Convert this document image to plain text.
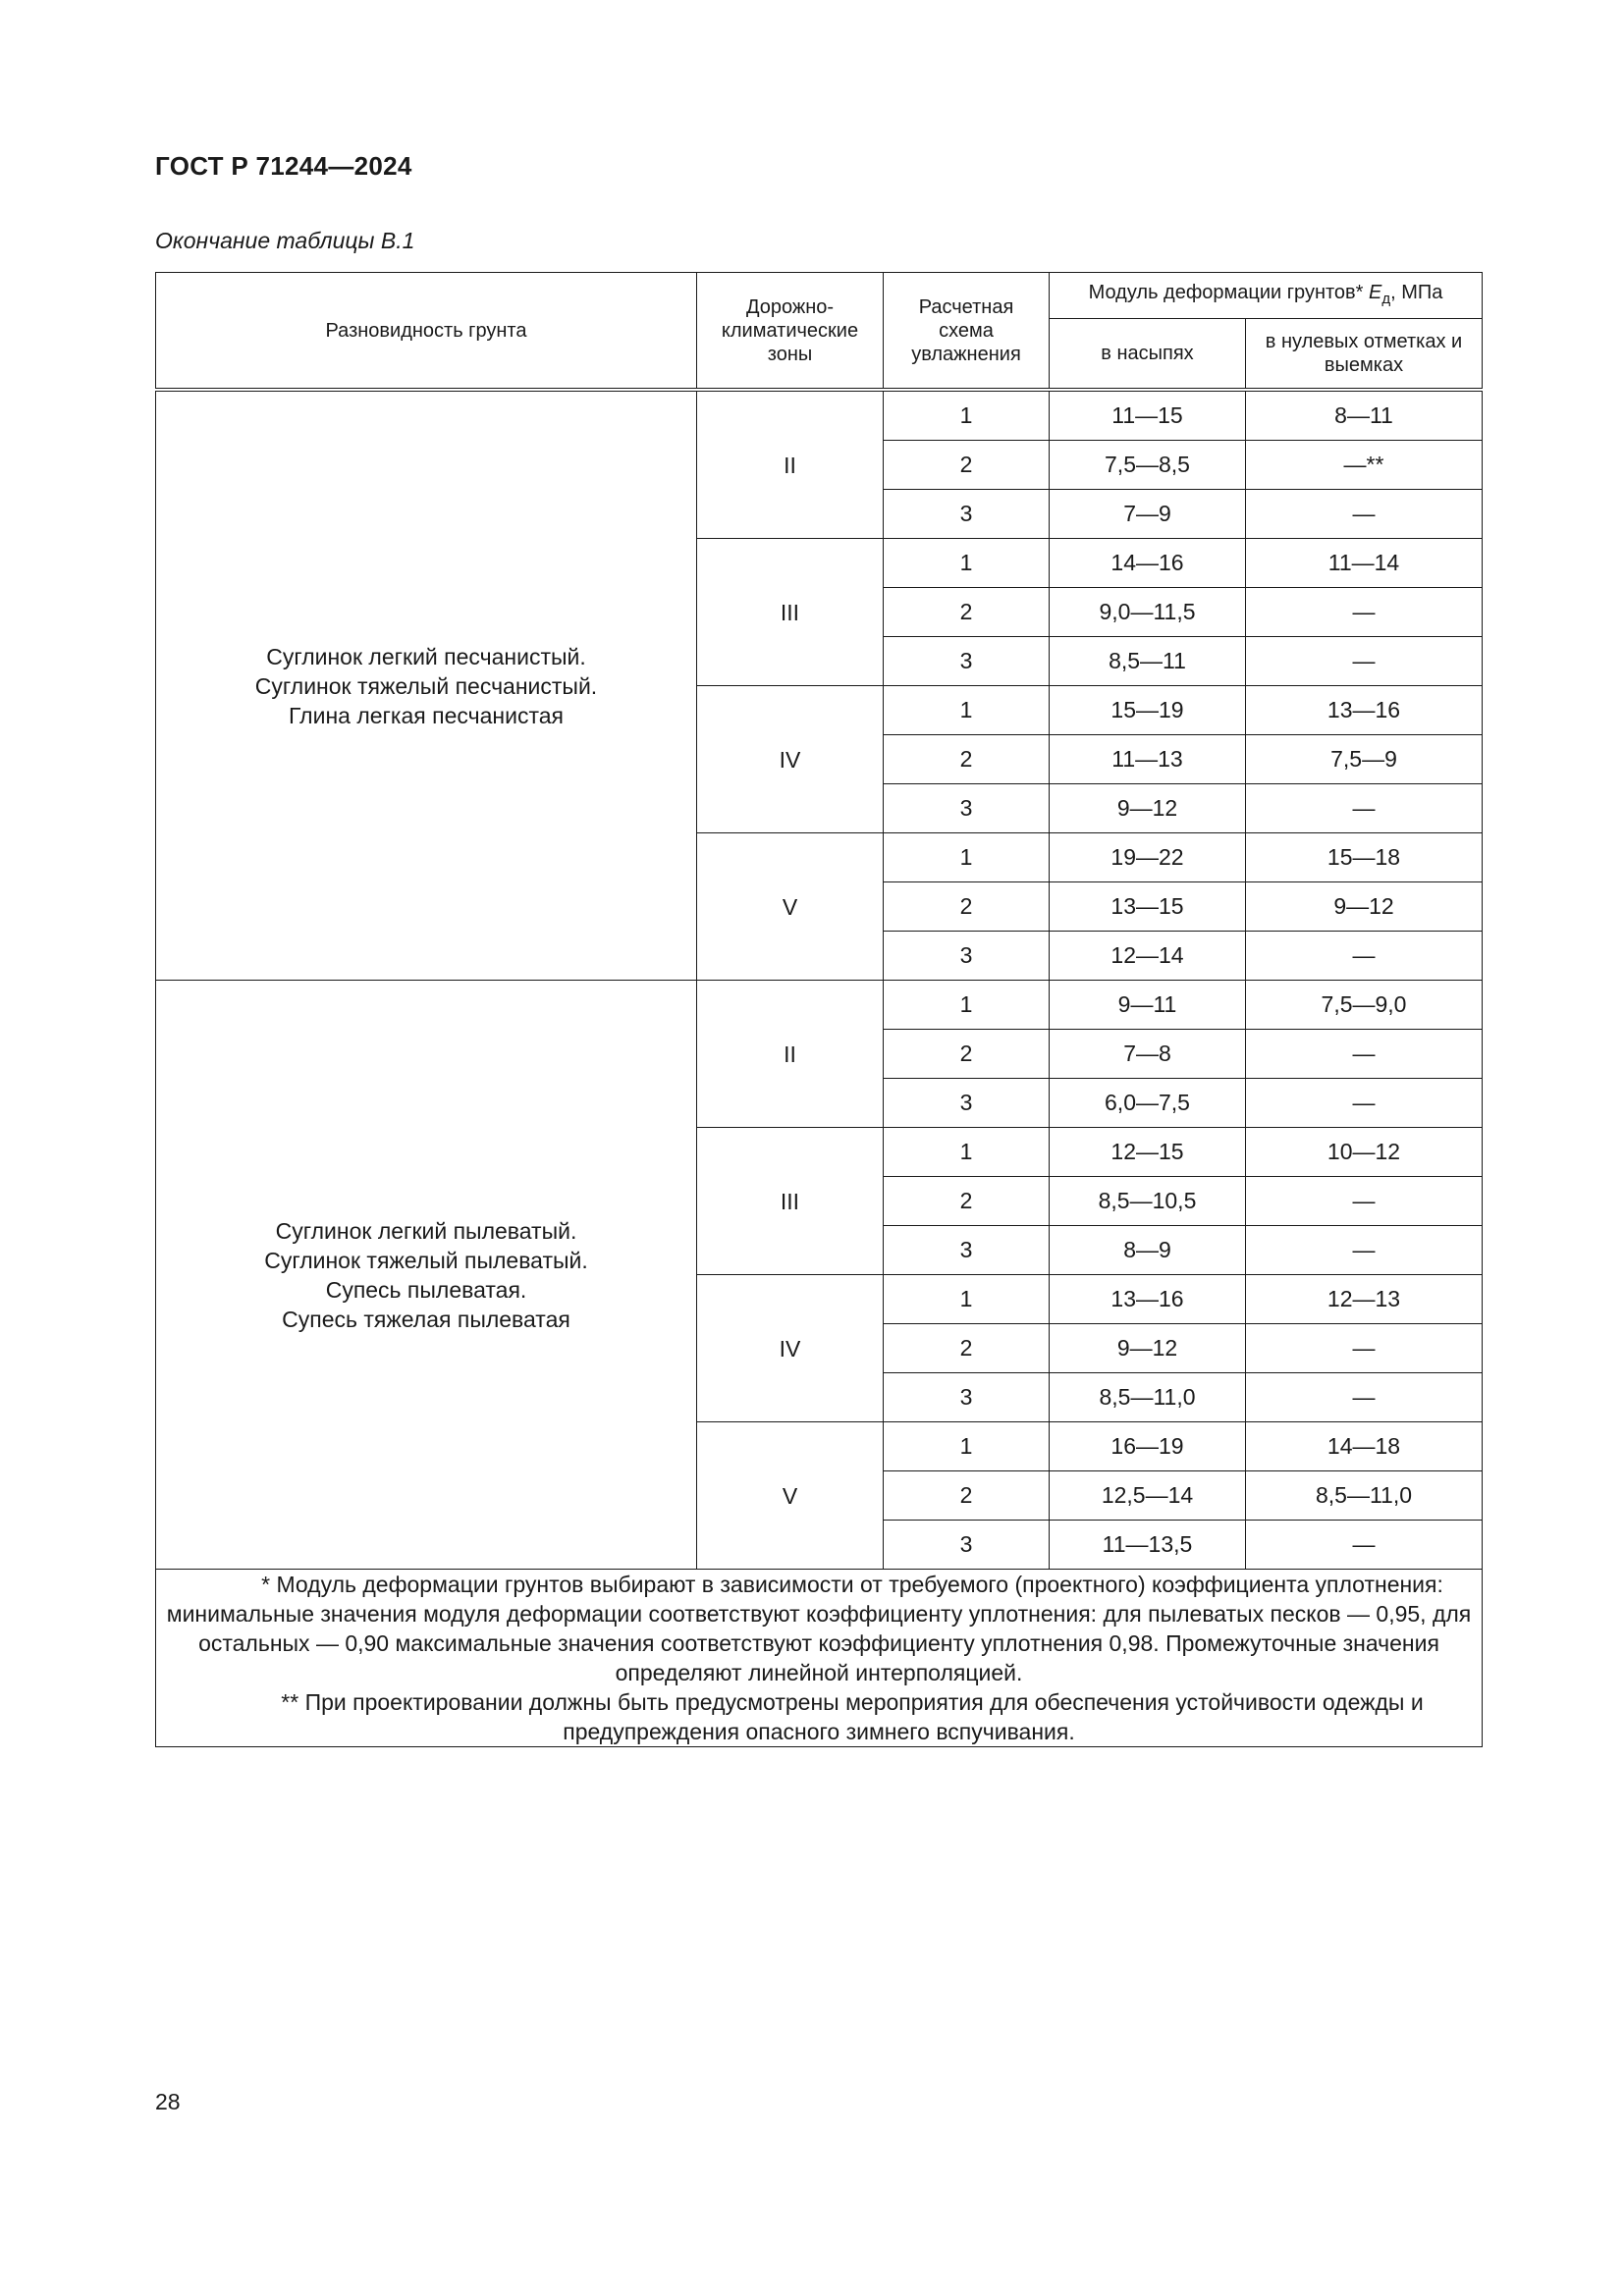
ГОСТ Р 71244—2024
Окончание таблицы В.1
Разновидность грунта	Дорожно-климатические зоны	Расчетная схема увлажнения	Модуль деформации грунтов* $E_д$, МПа	
			в насыпях	в нулевых отметках и выемках

Суглинок легкий песчанистый.
Суглинок тяжелый песчанистый.
Глина легкая песчанистая	II	1	11—15	8—11
		2	7,5—8,5	—**
		3	7—9	—
	III	1	14—16	11—14
		2	9,0—11,5	—
		3	8,5—11	—
	IV	1	15—19	13—16
		2	11—13	7,5—9
		3	9—12	—
	V	1	19—22	15—18
		2	13—15	9—12
		3	12—14	—

Суглинок легкий пылеватый.
Суглинок тяжелый пылеватый.
Супесь пылеватая.
Супесь тяжелая пылеватая	II	1	9—11	7,5—9,0
		2	7—8	—
		3	6,0—7,5	—
	III	1	12—15	10—12
		2	8,5—10,5	—
		3	8—9	—
	IV	1	13—16	12—13
		2	9—12	—
		3	8,5—11,0	—
	V	1	16—19	14—18
		2	12,5—14	8,5—11,0
		3	11—13,5	—

* Модуль деформации грунтов выбирают в зависимости от требуемого (проектного) коэффициента уплотнения: минимальные значения модуля деформации соответствуют коэффициенту уплотнения: для пылеватых песков — 0,95, для остальных — 0,90 максимальные значения соответствуют коэффициенту уплотнения 0,98. Промежуточные значения определяют линейной интерполяцией.
** При проектировании должны быть предусмотрены мероприятия для обеспечения устойчивости одежды и предупреждения опасного зимнего вспучивания.				
28
